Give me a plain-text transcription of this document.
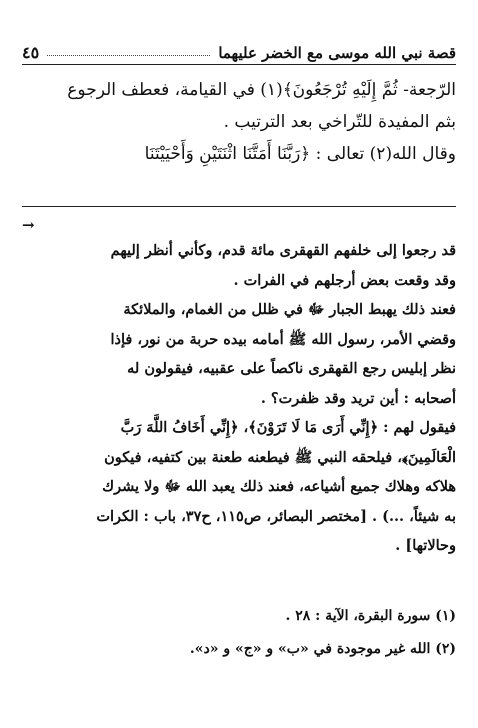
قصة نبي الله موسى مع الخضر عليهما
٤٥

الرّجعة- ثُمَّ إِلَيْهِ تُرْجَعُونَ﴾(١) في القيامة، فعطف الرجوع

بثم المفيدة للتّراخي بعد الترتيب .

وقال الله(٢) تعالى : ﴿رَبَّنَا أَمَتَّنَا اثْنَتَيْنِ وَأَحْيَيْتَنَا

→

قد رجعوا إلى خلفهم القهقرى مائة قدم، وكأني أنظر إليهم

وقد وقعت بعض أرجلهم في الفرات .

فعند ذلك يهبط الجبار ﷻ في ظلل من الغمام، والملائكة

وقضي الأمر، رسول الله ﷺ أمامه بيده حربة من نور، فإذا

نظر إبليس رجع القهقرى ناكصاً على عقبيه، فيقولون له

أصحابه : أين تريد وقد ظفرت؟ .

فيقول لهم : ﴿إِنِّي أَرَى مَا لَا تَرَوْنَ﴾، ﴿إِنِّي أَخَافُ اللَّهَ رَبَّ

الْعَالَمِينَ﴾، فيلحقه النبي ﷺ فيطعنه طعنة بين كتفيه، فيكون

هلاكه وهلاك جميع أشياعه، فعند ذلك يعبد الله ﷻ ولا يشرك

به شيئاً، ...) . [مختصر البصائر، ص١١٥، ح٣٧، باب : الكرات

وحالاتها] .

(١) سورة البقرة، الآية : ٢٨ .

(٢) الله غير موجودة في «ب» و «ج» و «د».
